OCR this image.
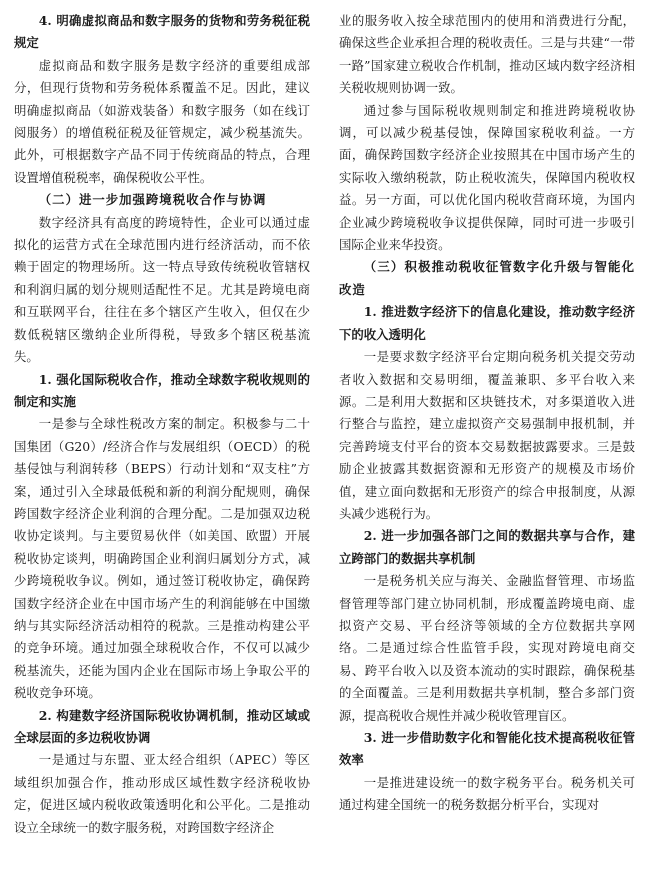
4. 明确虚拟商品和数字服务的货物和劳务税征税规定

虚拟商品和数字服务是数字经济的重要组成部分，但现行货物和劳务税体系覆盖不足。因此，建议明确虚拟商品（如游戏装备）和数字服务（如在线订阅服务）的增值税征税及征管规定，减少税基流失。此外，可根据数字产品不同于传统商品的特点，合理设置增值税税率，确保税收公平性。

（二）进一步加强跨境税收合作与协调

数字经济具有高度的跨境特性，企业可以通过虚拟化的运营方式在全球范围内进行经济活动，而不依赖于固定的物理场所。这一特点导致传统税收管辖权和利润归属的划分规则适配性不足。尤其是跨境电商和互联网平台，往往在多个辖区产生收入，但仅在少数低税辖区缴纳企业所得税，导致多个辖区税基流失。

1. 强化国际税收合作，推动全球数字税收规则的制定和实施

一是参与全球性税改方案的制定。积极参与二十国集团（G20）/经济合作与发展组织（OECD）的税基侵蚀与利润转移（BEPS）行动计划和“双支柱”方案，通过引入全球最低税和新的利润分配规则，确保跨国数字经济企业利润的合理分配。二是加强双边税收协定谈判。与主要贸易伙伴（如美国、欧盟）开展税收协定谈判，明确跨国企业利润归属划分方式，减少跨境税收争议。例如，通过签订税收协定，确保跨国数字经济企业在中国市场产生的利润能够在中国缴纳与其实际经济活动相符的税款。三是推动构建公平的竞争环境。通过加强全球税收合作，不仅可以减少税基流失，还能为国内企业在国际市场上争取公平的税收竞争环境。

2. 构建数字经济国际税收协调机制，推动区域或全球层面的多边税收协调

一是通过与东盟、亚太经合组织（APEC）等区域组织加强合作，推动形成区域性数字经济税收协定，促进区域内税收政策透明化和公平化。二是推动设立全球统一的数字服务税，对跨国数字经济企

业的服务收入按全球范围内的使用和消费进行分配，确保这些企业承担合理的税收责任。三是与共建“一带一路”国家建立税收合作机制，推动区域内数字经济相关税收规则协调一致。

通过参与国际税收规则制定和推进跨境税收协调，可以减少税基侵蚀，保障国家税收利益。一方面，确保跨国数字经济企业按照其在中国市场产生的实际收入缴纳税款，防止税收流失，保障国内税收权益。另一方面，可以优化国内税收营商环境，为国内企业减少跨境税收争议提供保障，同时可进一步吸引国际企业来华投资。

（三）积极推动税收征管数字化升级与智能化改造

1. 推进数字经济下的信息化建设，推动数字经济下的收入透明化

一是要求数字经济平台定期向税务机关提交劳动者收入数据和交易明细，覆盖兼职、多平台收入来源。二是利用大数据和区块链技术，对多渠道收入进行整合与监控，建立虚拟资产交易强制申报机制，并完善跨境支付平台的资本交易数据披露要求。三是鼓励企业披露其数据资源和无形资产的规模及市场价值，建立面向数据和无形资产的综合申报制度，从源头减少逃税行为。

2. 进一步加强各部门之间的数据共享与合作，建立跨部门的数据共享机制

一是税务机关应与海关、金融监督管理、市场监督管理等部门建立协同机制，形成覆盖跨境电商、虚拟资产交易、平台经济等领域的全方位数据共享网络。二是通过综合性监管手段，实现对跨境电商交易、跨平台收入以及资本流动的实时跟踪，确保税基的全面覆盖。三是利用数据共享机制，整合多部门资源，提高税收合规性并减少税收管理盲区。

3. 进一步借助数字化和智能化技术提高税收征管效率

一是推进建设统一的数字税务平台。税务机关可通过构建全国统一的税务数据分析平台，实现对
